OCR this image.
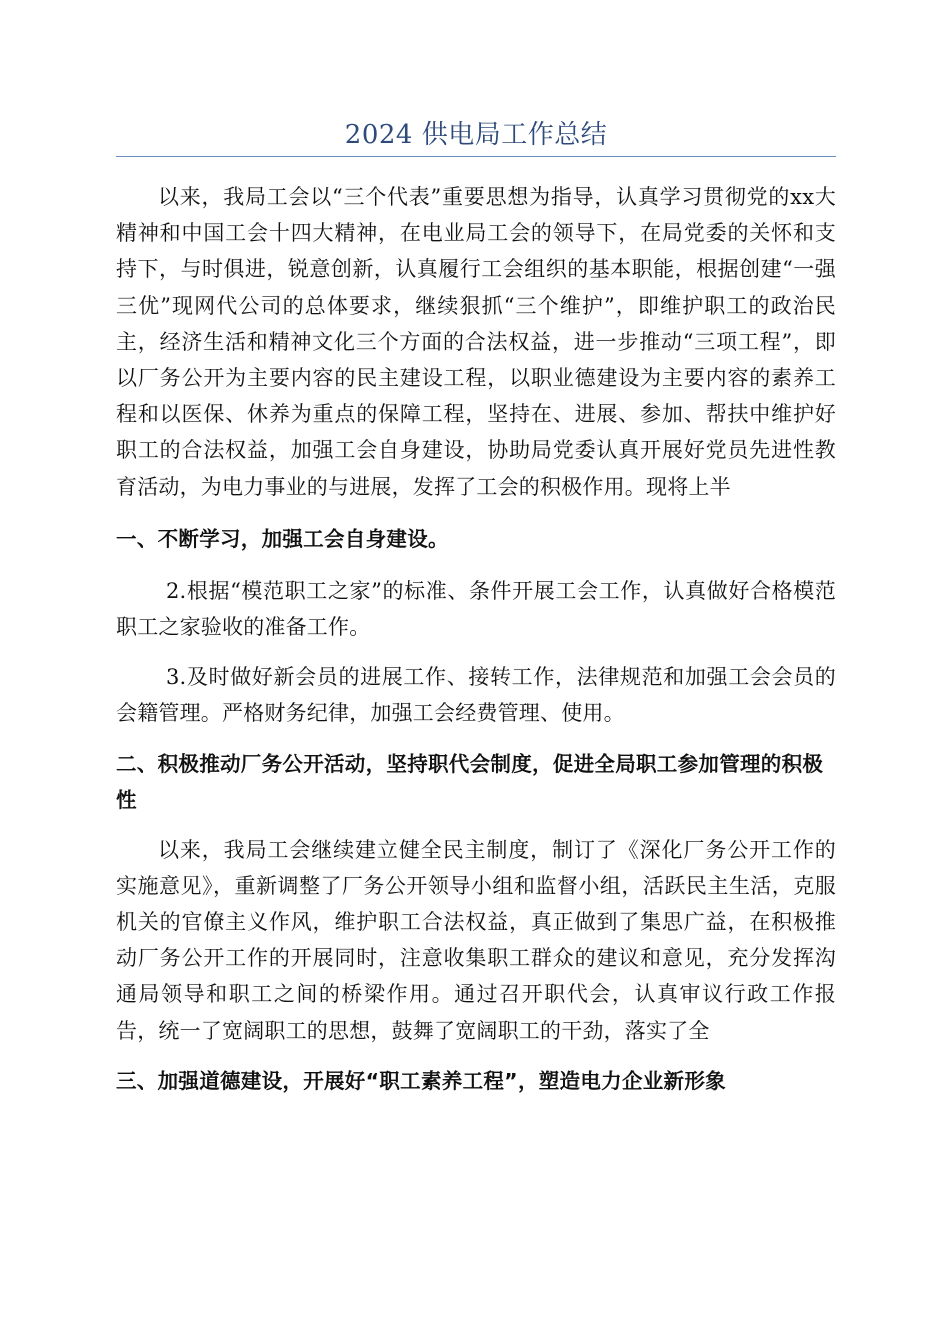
2024 供电局工作总结

以来，我局工会以“三个代表”重要思想为指导，认真学习贯彻党的xx大精神和中国工会十四大精神，在电业局工会的领导下，在局党委的关怀和支持下，与时俱进，锐意创新，认真履行工会组织的基本职能，根据创建“一强三优”现网代公司的总体要求，继续狠抓“三个维护”，即维护职工的政治民主，经济生活和精神文化三个方面的合法权益，进一步推动“三项工程”，即以厂务公开为主要内容的民主建设工程，以职业德建设为主要内容的素养工程和以医保、休养为重点的保障工程，坚持在、进展、参加、帮扶中维护好职工的合法权益，加强工会自身建设，协助局党委认真开展好党员先进性教育活动，为电力事业的与进展，发挥了工会的积极作用。现将上半

一、不断学习，加强工会自身建设。

2.根据“模范职工之家”的标准、条件开展工会工作，认真做好合格模范职工之家验收的准备工作。

3.及时做好新会员的进展工作、接转工作，法律规范和加强工会会员的会籍管理。严格财务纪律，加强工会经费管理、使用。

二、积极推动厂务公开活动，坚持职代会制度，促进全局职工参加管理的积极性

以来，我局工会继续建立健全民主制度，制订了《深化厂务公开工作的实施意见》，重新调整了厂务公开领导小组和监督小组，活跃民主生活，克服机关的官僚主义作风，维护职工合法权益，真正做到了集思广益，在积极推动厂务公开工作的开展同时，注意收集职工群众的建议和意见，充分发挥沟通局领导和职工之间的桥梁作用。通过召开职代会，认真审议行政工作报告，统一了宽阔职工的思想，鼓舞了宽阔职工的干劲，落实了全

三、加强道德建设，开展好“职工素养工程”，塑造电力企业新形象
